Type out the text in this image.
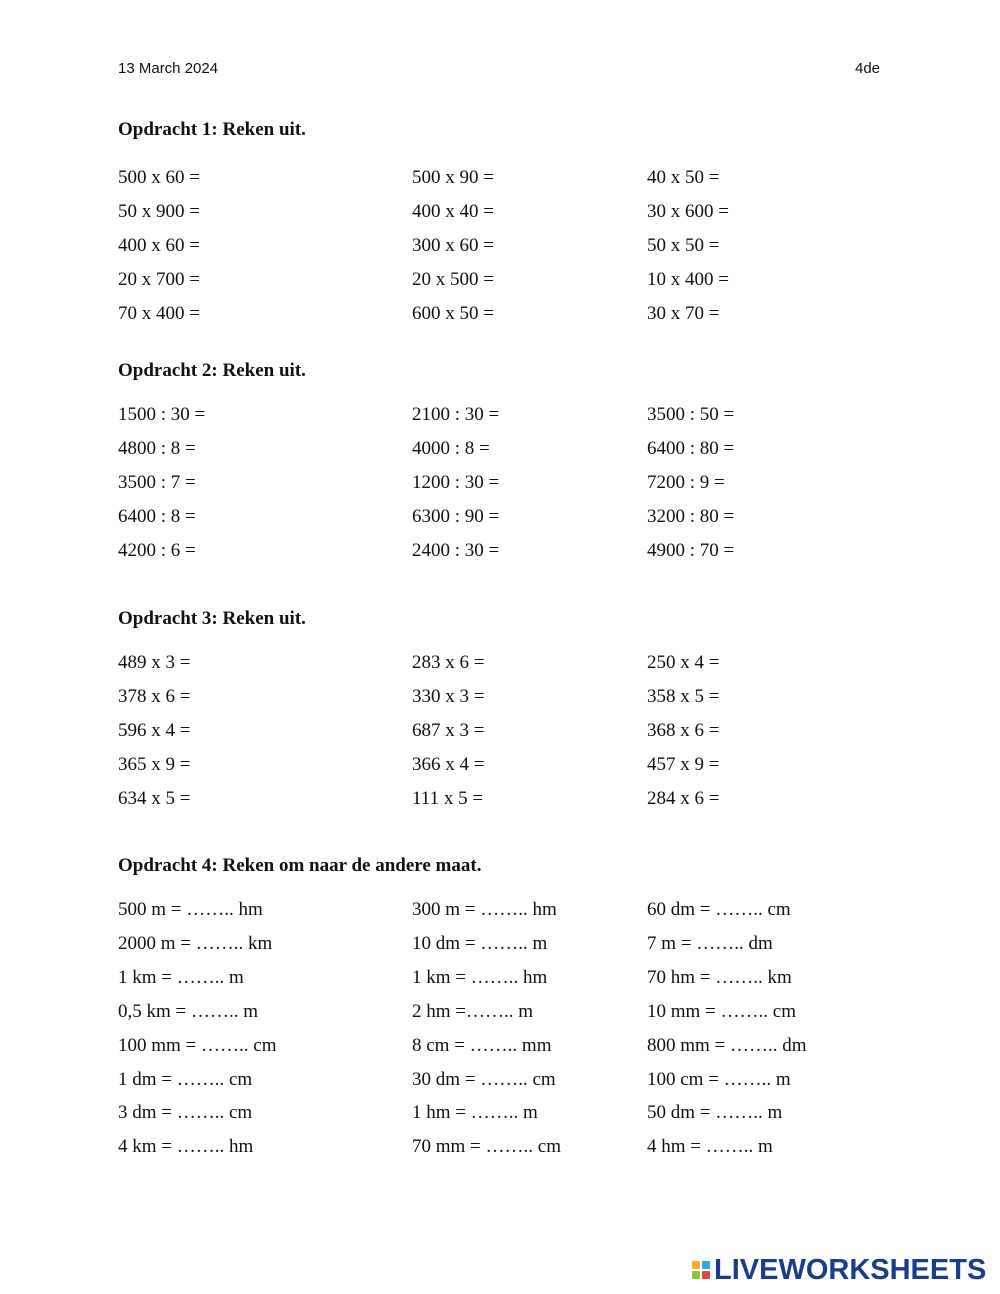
13 March 2024	4de
Opdracht 1: Reken uit.
500 x 60 =	500 x 90 =	40 x 50 =
50 x 900 =	400 x 40 =	30 x 600 =
400 x 60 =	300 x 60 =	50 x 50 =
20 x 700 =	20 x 500 =	10 x 400 =
70 x 400 =	600 x 50 =	30 x 70 =
Opdracht 2: Reken uit.
1500 : 30 =	2100 : 30 =	3500 : 50 =
4800 : 8 =	4000 : 8 =	6400 : 80 =
3500 : 7 =	1200 : 30 =	7200 : 9 =
6400 : 8 =	6300 : 90 =	3200 : 80 =
4200 : 6 =	2400 : 30 =	4900 : 70 =
Opdracht 3: Reken uit.
489 x 3 =	283 x 6 =	250 x 4 =
378 x 6 =	330 x 3 =	358 x 5 =
596 x 4 =	687 x 3 =	368 x 6 =
365 x 9 =	366 x 4 =	457 x 9 =
634 x 5 =	111 x 5 =	284 x 6 =
Opdracht 4: Reken om naar de andere maat.
500 m = …….. hm	300 m = …….. hm	60 dm = …….. cm
2000 m = …….. km	10 dm = …….. m	7 m = …….. dm
1 km = …….. m	1 km = …….. hm	70 hm = …….. km
0,5 km = …….. m	2 hm =…….. m	10 mm = …….. cm
100 mm = …….. cm	8 cm = …….. mm	800 mm = …….. dm
1 dm = …….. cm	30 dm = …….. cm	100 cm = …….. m
3 dm = …….. cm	1 hm = …….. m	50 dm = …….. m
4 km = …….. hm	70 mm = …….. cm	4 hm = …….. m
LIVEWORKSHEETS
